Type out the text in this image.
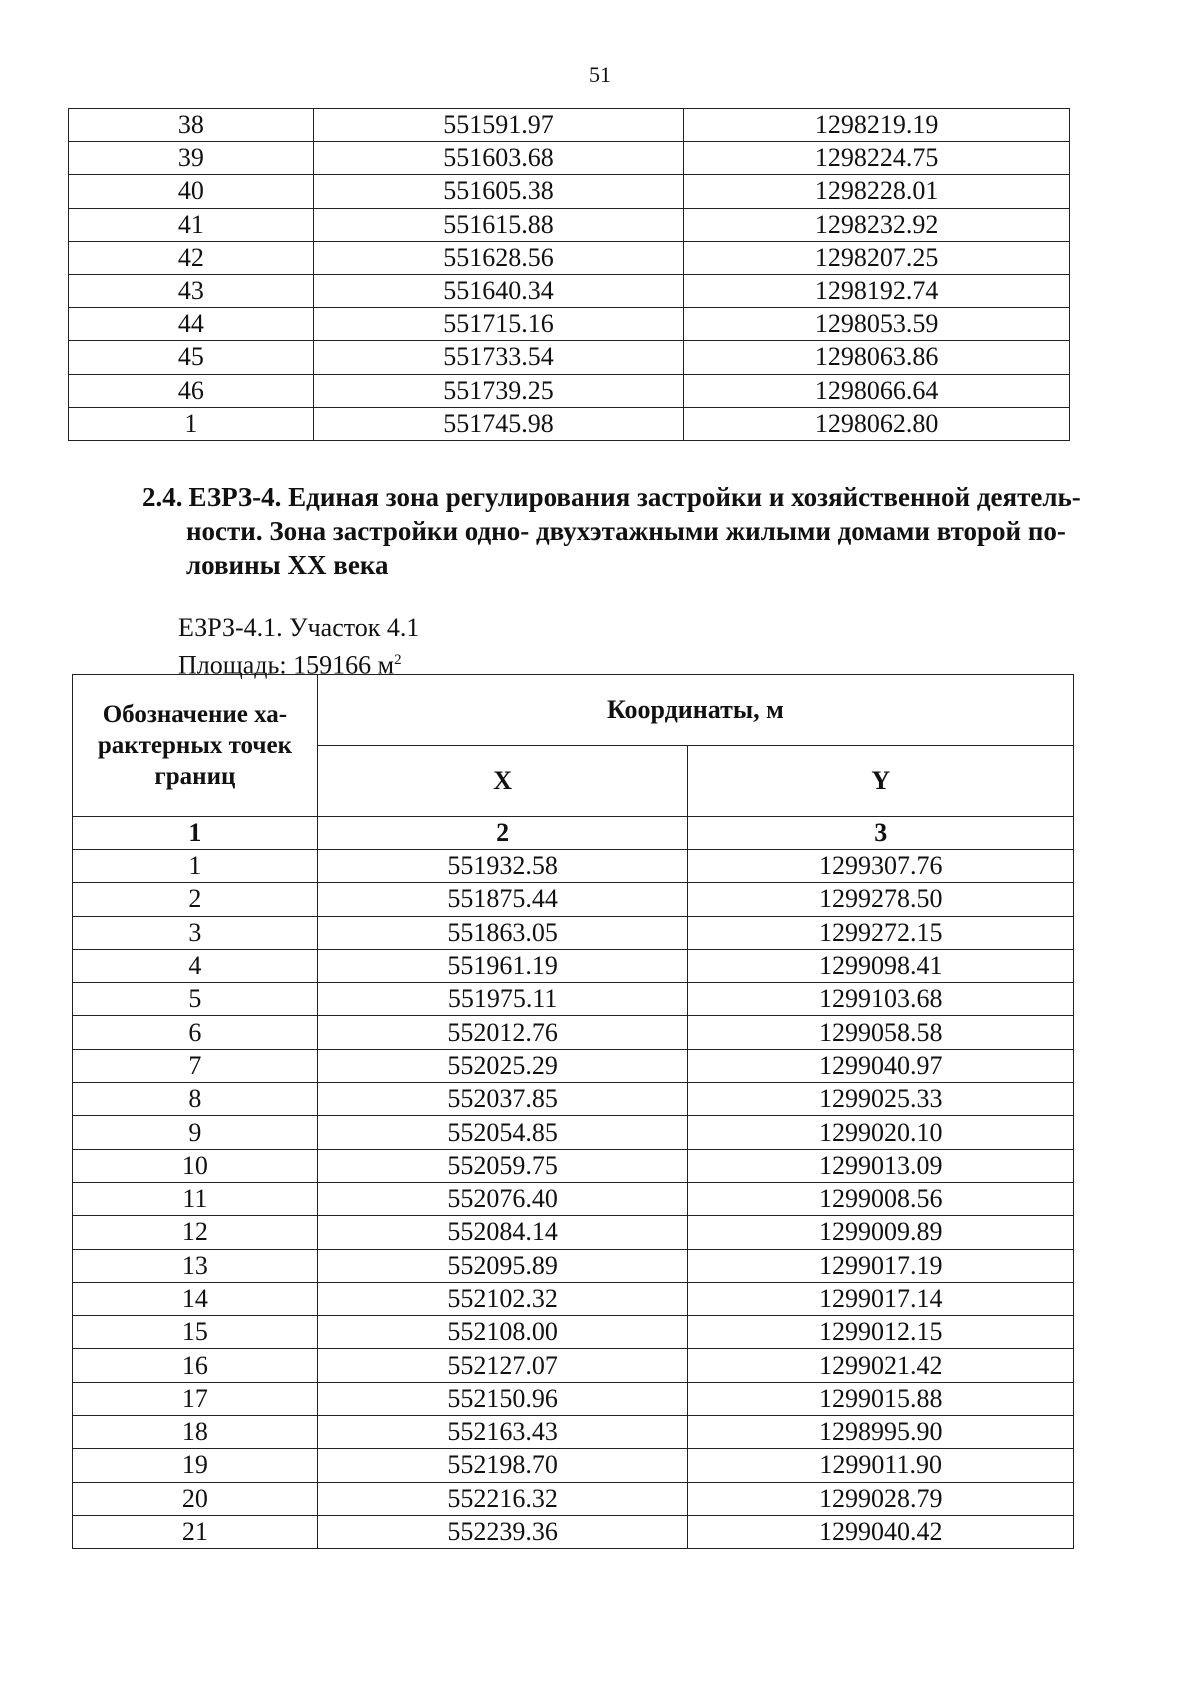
51
38	551591.97	1298219.19
39	551603.68	1298224.75
40	551605.38	1298228.01
41	551615.88	1298232.92
42	551628.56	1298207.25
43	551640.34	1298192.74
44	551715.16	1298053.59
45	551733.54	1298063.86
46	551739.25	1298066.64
1	551745.98	1298062.80
2.4. ЕЗРЗ-4. Единая зона регулирования застройки и хозяйственной деятель-
ности. Зона застройки одно- двухэтажными жилыми домами второй по-
ловины XX века
ЕЗРЗ-4.1. Участок 4.1
Площадь: 159166 $м^2$
Обозначение ха- рактерных точек границ	Координаты, м	
	X	Y
1	2	3
1	551932.58	1299307.76
2	551875.44	1299278.50
3	551863.05	1299272.15
4	551961.19	1299098.41
5	551975.11	1299103.68
6	552012.76	1299058.58
7	552025.29	1299040.97
8	552037.85	1299025.33
9	552054.85	1299020.10
10	552059.75	1299013.09
11	552076.40	1299008.56
12	552084.14	1299009.89
13	552095.89	1299017.19
14	552102.32	1299017.14
15	552108.00	1299012.15
16	552127.07	1299021.42
17	552150.96	1299015.88
18	552163.43	1298995.90
19	552198.70	1299011.90
20	552216.32	1299028.79
21	552239.36	1299040.42
